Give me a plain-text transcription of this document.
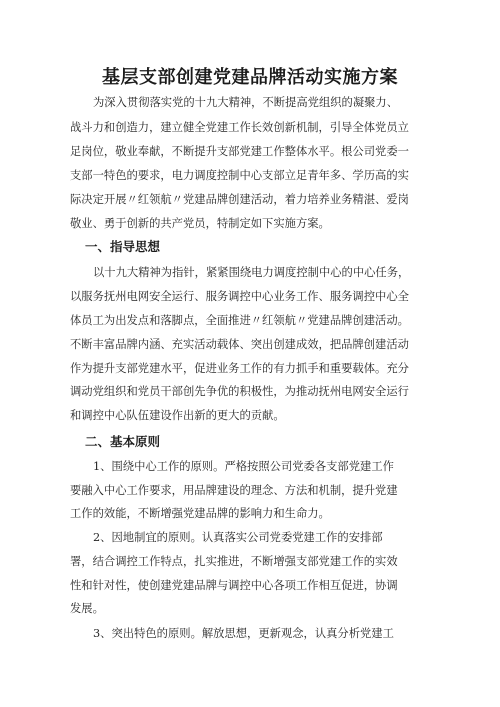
基层支部创建党建品牌活动实施方案
为深入贯彻落实党的十九大精神，不断提高党组织的凝聚力、
战斗力和创造力，建立健全党建工作长效创新机制，引导全体党员立
足岗位，敬业奉献，不断提升支部党建工作整体水平。根公司党委一
支部一特色的要求，电力调度控制中心支部立足青年多、学历高的实
际决定开展〃红领航〃党建品牌创建活动，着力培养业务精湛、爱岗
敬业、勇于创新的共产党员，特制定如下实施方案。
一、指导思想
以十九大精神为指针，紧紧围绕电力调度控制中心的中心任务，
以服务抚州电网安全运行、服务调控中心业务工作、服务调控中心全
体员工为出发点和落脚点，全面推进〃红领航〃党建品牌创建活动。
不断丰富品牌内涵、充实活动载体、突出创建成效，把品牌创建活动
作为提升支部党建水平，促进业务工作的有力抓手和重要载体。充分
调动党组织和党员干部创先争优的积极性，为推动抚州电网安全运行
和调控中心队伍建设作出新的更大的贡献。
二、基本原则
1、围绕中心工作的原则。严格按照公司党委各支部党建工作
要融入中心工作要求，用品牌建设的理念、方法和机制，提升党建
工作的效能，不断增强党建品牌的影响力和生命力。
2、因地制宜的原则。认真落实公司党委党建工作的安排部
署，结合调控工作特点，扎实推进，不断增强支部党建工作的实效
性和针对性，使创建党建品牌与调控中心各项工作相互促进，协调
发展。
3、突出特色的原则。解放思想，更新观念，认真分析党建工
